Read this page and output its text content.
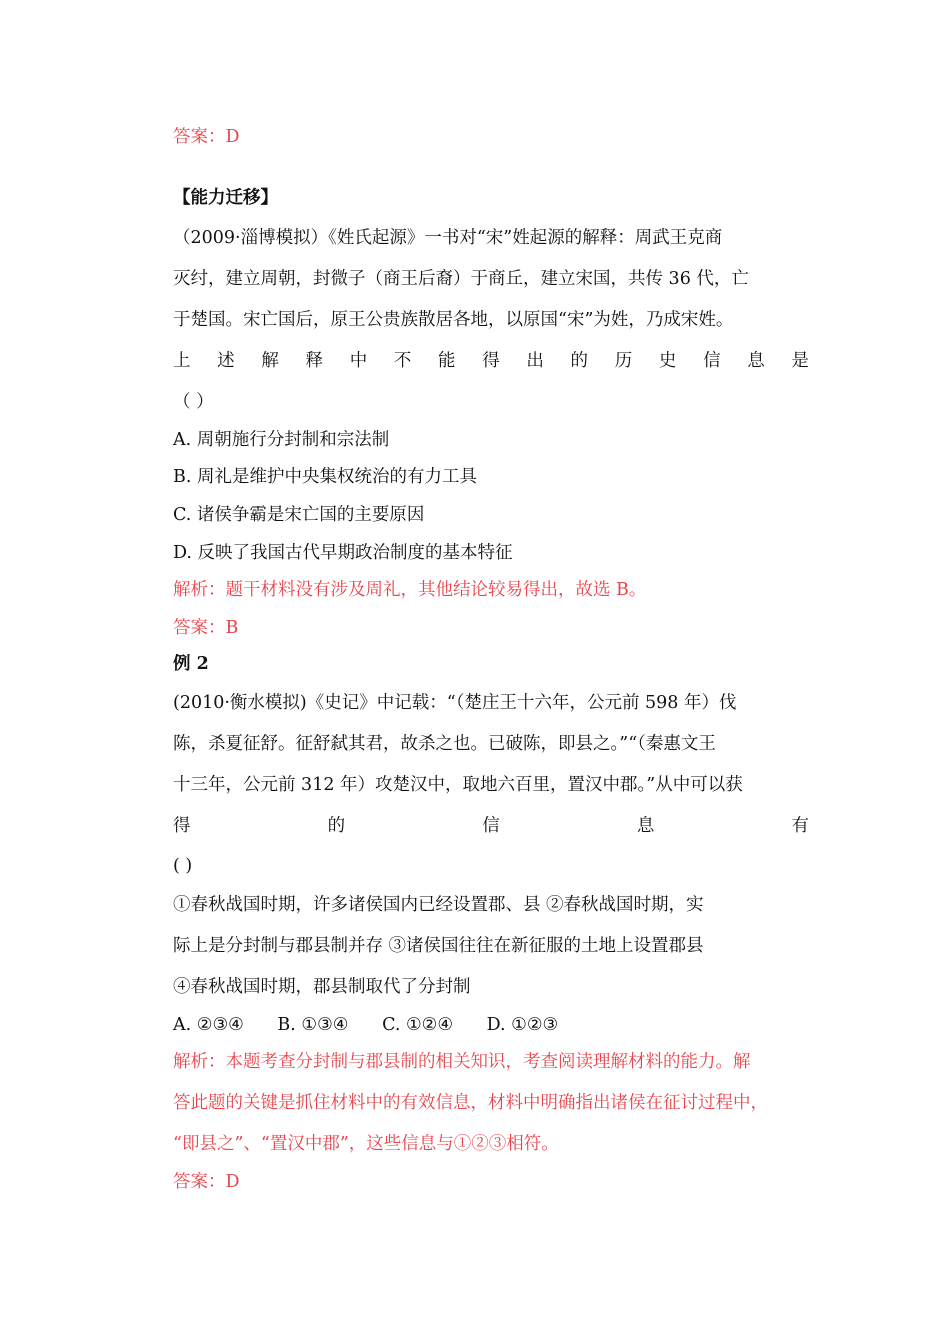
答案：D
【能力迁移】
（2009·淄博模拟）《姓氏起源》一书对“宋”姓起源的解释：周武王克商
灭纣，建立周朝，封微子（商王后裔）于商丘，建立宋国，共传 36 代，亡
于楚国。宋亡国后，原王公贵族散居各地，以原国“宋”为姓，乃成宋姓。
上 述 解 释 中 不 能 得 出 的 历 史 信 息 是
（ ）
A. 周朝施行分封制和宗法制
B. 周礼是维护中央集权统治的有力工具
C. 诸侯争霸是宋亡国的主要原因
D. 反映了我国古代早期政治制度的基本特征
解析：题干材料没有涉及周礼，其他结论较易得出，故选 B。
答案：B
例 2
(2010·衡水模拟)《史记》中记载：“（楚庄王十六年，公元前 598 年）伐
陈，杀夏征舒。征舒弑其君，故杀之也。已破陈，即县之。”“（秦惠文王
十三年，公元前 312 年）攻楚汉中，取地六百里，置汉中郡。”从中可以获
得	的	信	息	有
( )
①春秋战国时期，许多诸侯国内已经设置郡、县 ②春秋战国时期，实
际上是分封制与郡县制并存 ③诸侯国往往在新征服的土地上设置郡县
④春秋战国时期，郡县制取代了分封制
A. ②③④ B. ①③④ C. ①②④ D. ①②③
解析：本题考查分封制与郡县制的相关知识，考查阅读理解材料的能力。解
答此题的关键是抓住材料中的有效信息，材料中明确指出诸侯在征讨过程中，
“即县之”、“置汉中郡”，这些信息与①②③相符。
答案：D
